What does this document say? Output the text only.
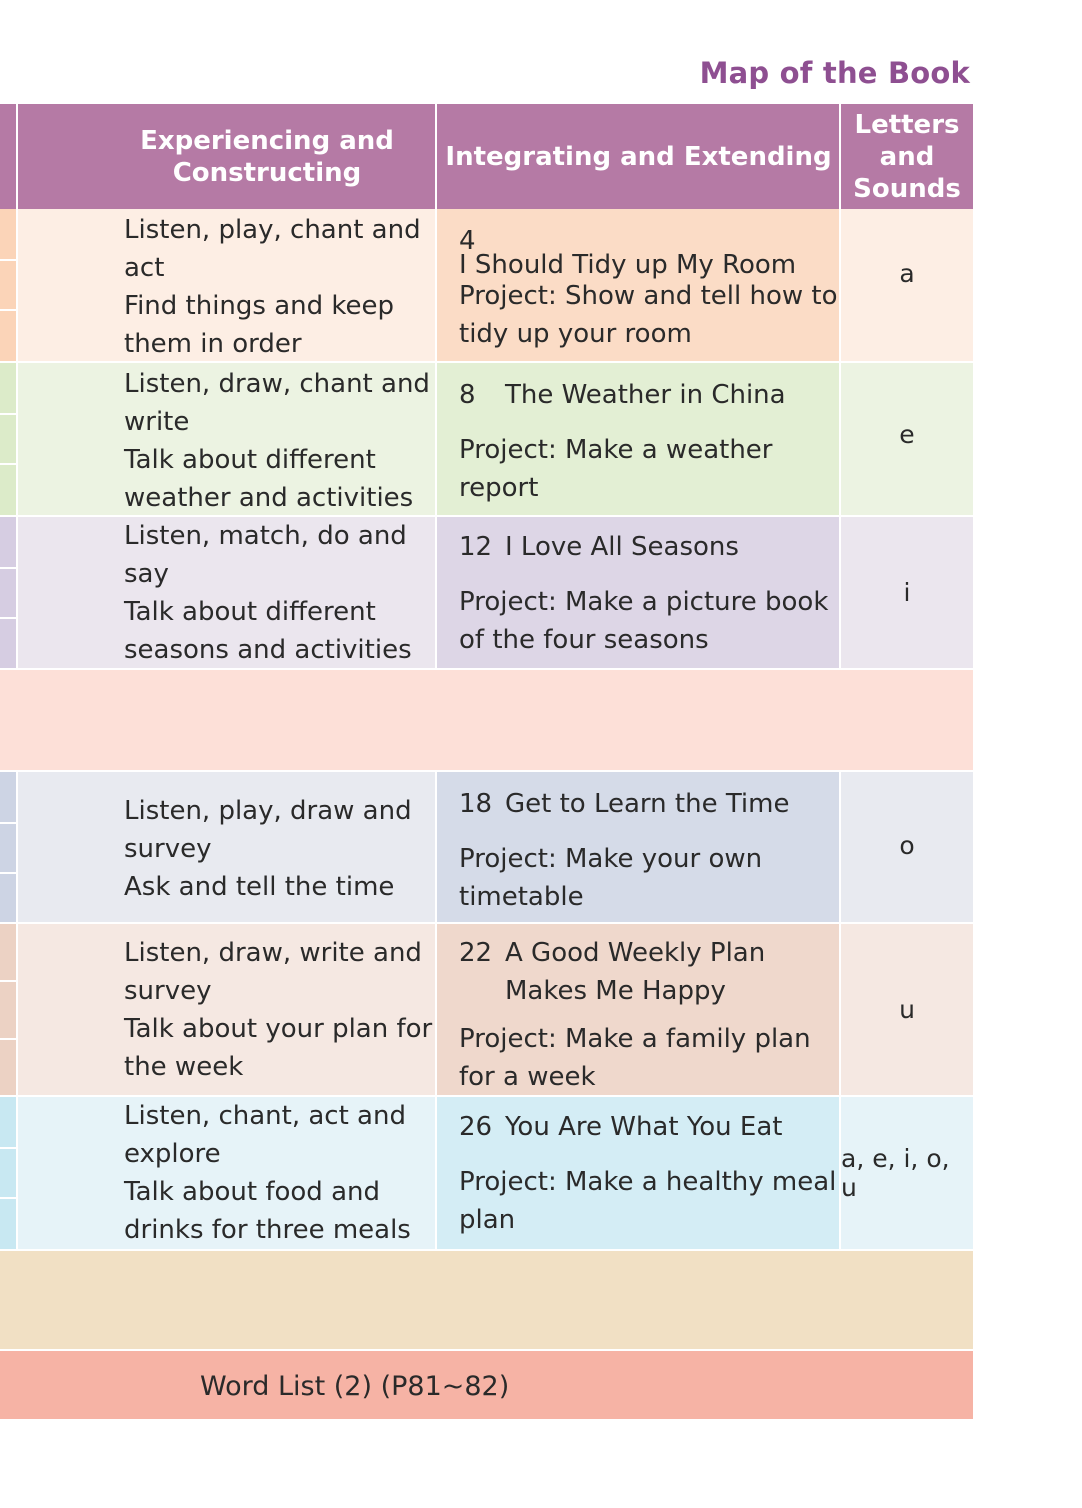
Map of the Book
Experiencing and Constructing
Integrating and Extending
Letters and Sounds
Listen, play, chant and act
Find things and keep them in order
4I Should Tidy up My Room
Project: Show and tell how to tidy up your room
a
Listen, draw, chant and write
Talk about different weather and activities
8 The Weather in China
Project: Make a weather report
e
Listen, match, do and say
Talk about different seasons and activities
12 I Love All Seasons
Project: Make a picture book of the four seasons
i
Listen, play, draw and survey
Ask and tell the time
18 Get to Learn the Time
Project: Make your own timetable
o
Listen, draw, write and survey
Talk about your plan for the week
22 A Good Weekly Plan
Makes Me Happy
Project: Make a family plan for a week
u
Listen, chant, act and explore
Talk about food and drinks for three meals
26 You Are What You Eat
Project: Make a healthy meal plan
a, e, i, o, u
Word List (2) (P81~82)
